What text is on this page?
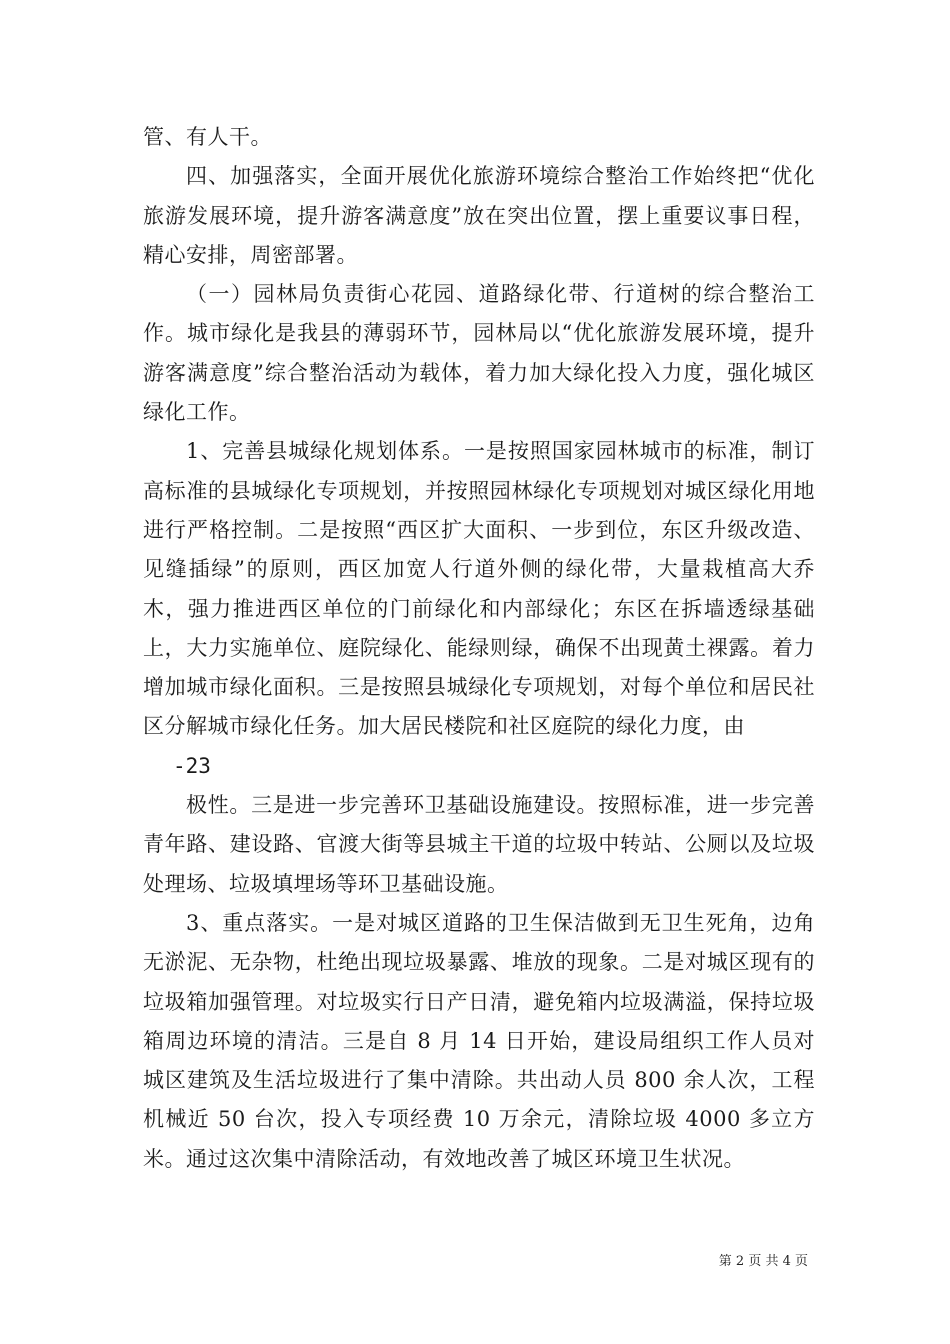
管、有人干。

四、加强落实，全面开展优化旅游环境综合整治工作始终把“优化旅游发展环境，提升游客满意度”放在突出位置，摆上重要议事日程，精心安排，周密部署。

（一）园林局负责街心花园、道路绿化带、行道树的综合整治工作。城市绿化是我县的薄弱环节，园林局以“优化旅游发展环境，提升游客满意度”综合整治活动为载体，着力加大绿化投入力度，强化城区绿化工作。

1、完善县城绿化规划体系。一是按照国家园林城市的标准，制订高标准的县城绿化专项规划，并按照园林绿化专项规划对城区绿化用地进行严格控制。二是按照“西区扩大面积、一步到位，东区升级改造、见缝插绿”的原则，西区加宽人行道外侧的绿化带，大量栽植高大乔木，强力推进西区单位的门前绿化和内部绿化；东区在拆墙透绿基础上，大力实施单位、庭院绿化、能绿则绿，确保不出现黄土裸露。着力增加城市绿化面积。三是按照县城绿化专项规划，对每个单位和居民社区分解城市绿化任务。加大居民楼院和社区庭院的绿化力度，由

-23

极性。三是进一步完善环卫基础设施建设。按照标准，进一步完善青年路、建设路、官渡大街等县城主干道的垃圾中转站、公厕以及垃圾处理场、垃圾填埋场等环卫基础设施。

3、重点落实。一是对城区道路的卫生保洁做到无卫生死角，边角无淤泥、无杂物，杜绝出现垃圾暴露、堆放的现象。二是对城区现有的垃圾箱加强管理。对垃圾实行日产日清，避免箱内垃圾满溢，保持垃圾箱周边环境的清洁。三是自 8 月 14 日开始，建设局组织工作人员对城区建筑及生活垃圾进行了集中清除。共出动人员 800 余人次，工程机械近 50 台次，投入专项经费 10 万余元，清除垃圾 4000 多立方米。通过这次集中清除活动，有效地改善了城区环境卫生状况。

第 2 页 共 4 页
